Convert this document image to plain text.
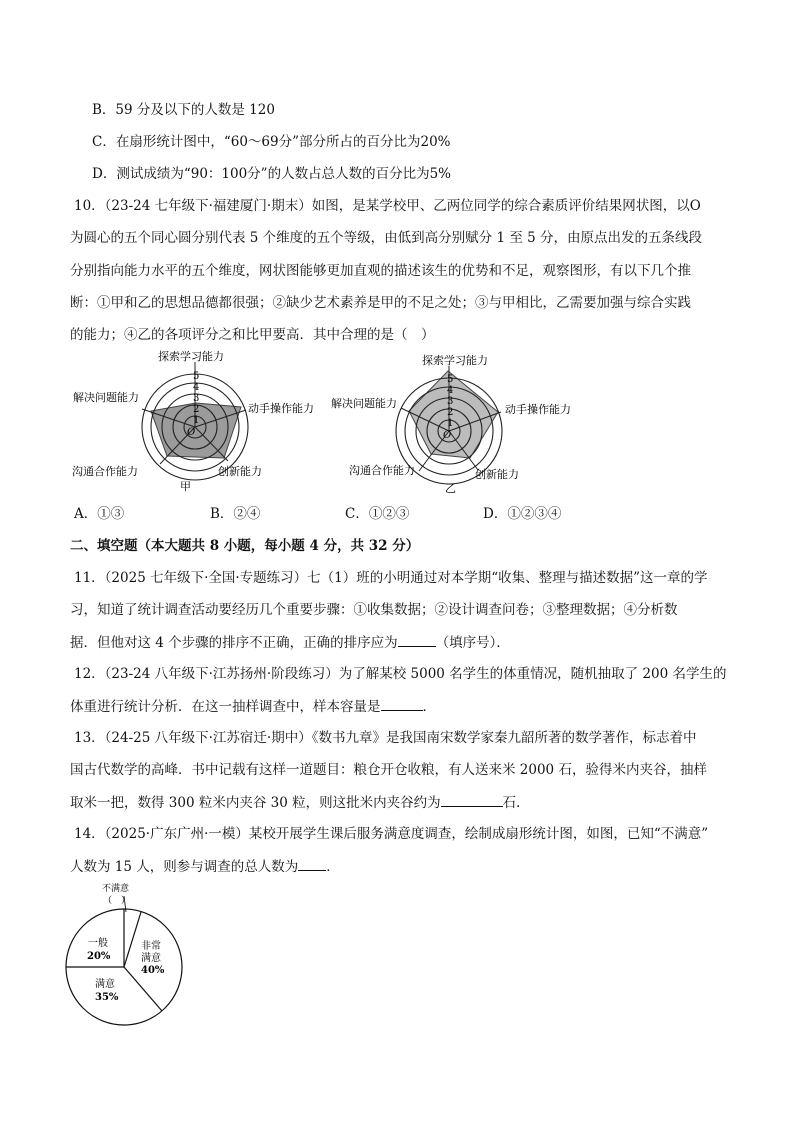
B．59 分及以下的人数是 120
C．在扇形统计图中，“60～69分”部分所占的百分比为20%
D．测试成绩为“90：100分”的人数占总人数的百分比为5%
10．（23-24 七年级下·福建厦门·期末）如图，是某学校甲、乙两位同学的综合素质评价结果网状图，以O
为圆心的五个同心圆分别代表 5 个维度的五个等级，由低到高分别赋分 1 至 5 分，由原点出发的五条线段
分别指向能力水平的五个维度，网状图能够更加直观的描述该生的优势和不足，观察图形，有以下几个推
断：①甲和乙的思想品德都很强；②缺少艺术素养是甲的不足之处；③与甲相比，乙需要加强与综合实践
的能力；④乙的各项评分之和比甲要高．其中合理的是（　）
5
4
3
2
1
O
探索学习能力
动手操作能力
创新能力
沟通合作能力
解决问题能力
甲
5
4
3
2
1
O
探索学习能力
动手操作能力
创新能力
沟通合作能力
解决问题能力
乙
A．①③	B．②④	C．①②③	D．①②③④
二、填空题（本大题共 8 小题，每小题 4 分，共 32 分）
11．（2025 七年级下·全国·专题练习）七（1）班的小明通过对本学期“收集、整理与描述数据”这一章的学
习，知道了统计调查活动要经历几个重要步骤：①收集数据；②设计调查问卷；③整理数据；④分析数
据．但他对这 4 个步骤的排序不正确，正确的排序应为	（填序号）．
12．（23-24 八年级下·江苏扬州·阶段练习）为了解某校 5000 名学生的体重情况，随机抽取了 200 名学生的
体重进行统计分析．在这一抽样调查中，样本容量是	．
13．（24-25 八年级下·江苏宿迁·期中）《数书九章》是我国南宋数学家秦九韶所著的数学著作，标志着中
国古代数学的高峰．书中记载有这样一道题目：粮仓开仓收粮，有人送来米 2000 石，验得米内夹谷，抽样
取米一把，数得 300 粒米内夹谷 30 粒，则这批米内夹谷约为	石．
14．（2025·广东广州·一模）某校开展学生课后服务满意度调查，绘制成扇形统计图，如图，已知“不满意”
人数为 15 人，则参与调查的总人数为 ．
不满意
（　）
非常
满意
40%
一般
20%
满意
35%
